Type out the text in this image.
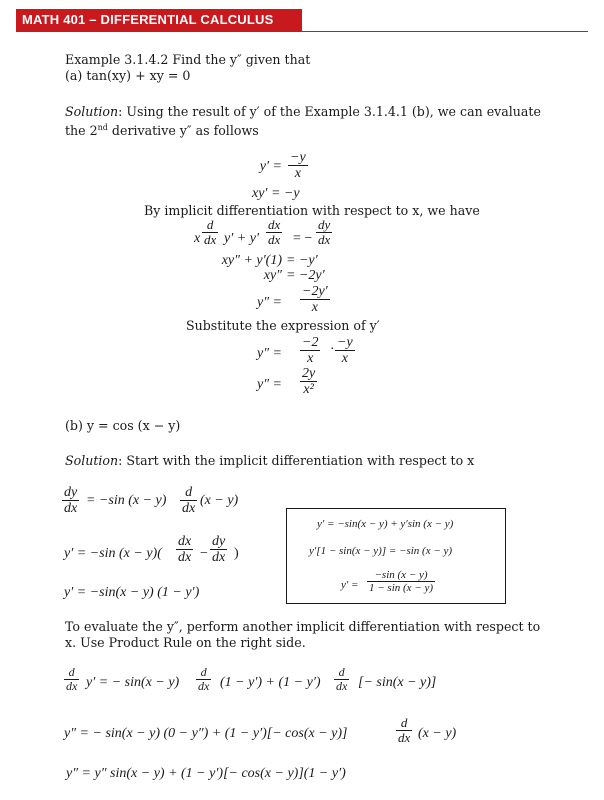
MATH 401 – DIFFERENTIAL CALCULUS
Example 3.1.4.2 Find the y″ given that
(a) tan(xy) + xy = 0
Solution: Using the result of y′ of the Example 3.1.4.1 (b), we can evaluate
the 2nd derivative y″ as follows
$y' = \frac{-y}{x}$
xy′ = −y
By implicit differentiation with respect to x, we have
x $\frac{d}{dx} y' + y' \frac{dx}{dx}$ = − $\frac{dy}{dx}$
xy″ + y′(1) = −y′
xy″ = −2y′
$y'' = \frac{-2y'}{x}$
Substitute the expression of y′
$y'' = \frac{-2}{x} \cdot \frac{-y}{x}$
$y'' = \frac{2y}{\text{x²}}$
(b) y = cos (x − y)
Solution: Start with the implicit differentiation with respect to x
$\frac{dy}{dx} = -\sin$ $(x - y) \frac{d}{dx} (x - y)$
y′ = −sin $(x - y)( \frac{dx}{dx} - \frac{dy}{dx}$ )
y′ = −sin(x − y) (1 − y′)
y′ = −sin(x − y) + y′sin (x − y)
y′[1 − sin(x − y)] = −sin (x − y)
$y' = \frac{-\sin (x - y)}{1 - \sin (x - y)}$
To evaluate the y″, perform another implicit differentiation with respect to
x. Use Product Rule on the right side.
$\frac{d}{dx} y'$ = − $\sin(x - y) \frac{d}{dx} (1 - y') + (1 - y') \frac{d}{dx}$ [− sin(x − y)]
y″ = − sin(x − y) (0 − y″) + (1 − y′)[− cos(x − y)]	$\frac{d}{dx} (x - y)$
y″ = y″ sin(x − y) + (1 − y′)[− cos(x − y)](1 − y′)
